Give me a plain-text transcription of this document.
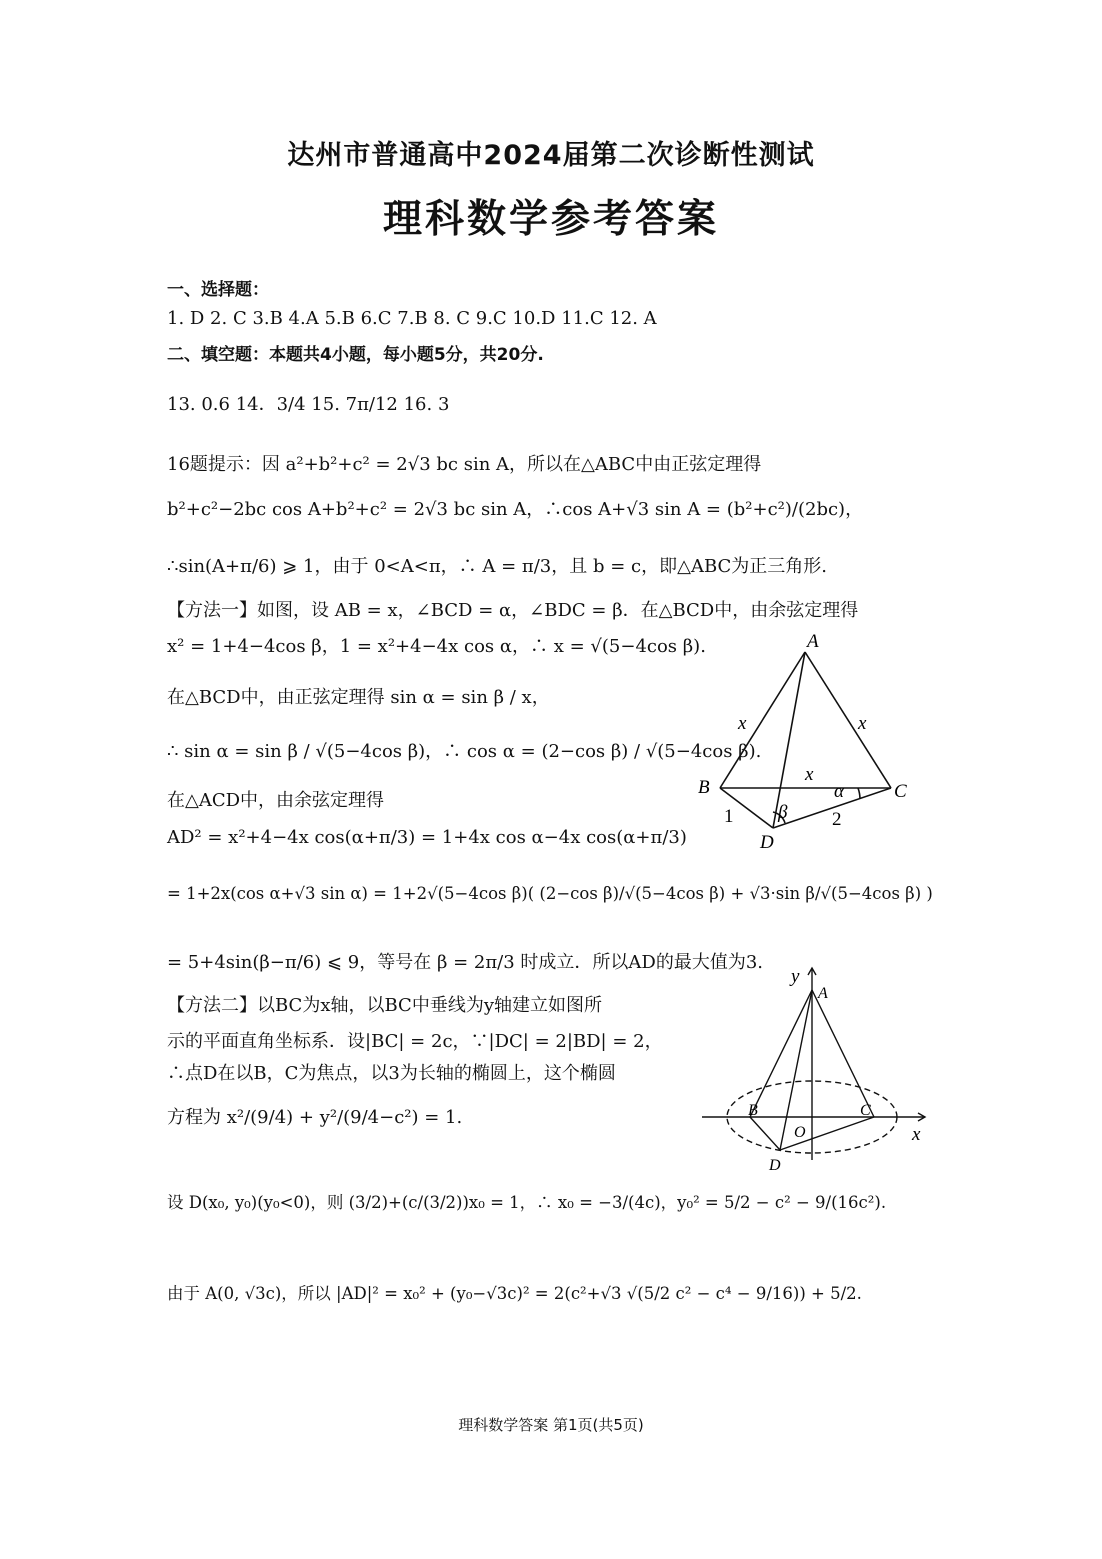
达州市普通高中2024届第二次诊断性测试
理科数学参考答案
一、选择题：
1. D 2. C 3.B 4.A 5.B 6.C 7.B 8. C 9.C 10.D 11.C 12. A
二、填空题：本题共4小题，每小题5分，共20分.
13. 0.6 14．3/4 15. 7π/12 16. 3
16题提示：因 a²+b²+c² = 2√3 bc sin A，所以在△ABC中由正弦定理得
b²+c²−2bc cos A+b²+c² = 2√3 bc sin A，∴cos A+√3 sin A = (b²+c²)/(2bc)，
∴sin(A+π/6) ⩾ 1，由于 0<A<π，∴ A = π/3，且 b = c，即△ABC为正三角形.
【方法一】如图，设 AB = x，∠BCD = α，∠BDC = β．在△BCD中，由余弦定理得
x² = 1+4−4cos β，1 = x²+4−4x cos α，∴ x = √(5−4cos β).
在△BCD中，由正弦定理得 sin α = sin β / x，
∴ sin α = sin β / √(5−4cos β)，∴ cos α = (2−cos β) / √(5−4cos β).
在△ACD中，由余弦定理得
AD² = x²+4−4x cos(α+π/3) = 1+4x cos α−4x cos(α+π/3)
= 1+2x(cos α+√3 sin α) = 1+2√(5−4cos β)( (2−cos β)/√(5−4cos β) + √3·sin β/√(5−4cos β) )
= 5+4sin(β−π/6) ⩽ 9，等号在 β = 2π/3 时成立．所以AD的最大值为3.
【方法二】以BC为x轴，以BC中垂线为y轴建立如图所
示的平面直角坐标系．设|BC| = 2c，∵|DC| = 2|BD| = 2，
∴点D在以B，C为焦点，以3为长轴的椭圆上，这个椭圆
方程为 x²/(9/4) + y²/(9/4−c²) = 1.
设 D(x₀, y₀)(y₀<0)，则 (3/2)+(c/(3/2))x₀ = 1，∴ x₀ = −3/(4c)，y₀² = 5/2 − c² − 9/(16c²).
由于 A(0, √3c)，所以 |AD|² = x₀² + (y₀−√3c)² = 2(c²+√3 √(5/2 c² − c⁴ − 9/16)) + 5/2.
A
B	C
D
x	x
x
1	2
α
β
y
A
B	C
O
D
x
理科数学答案 第1页(共5页)
